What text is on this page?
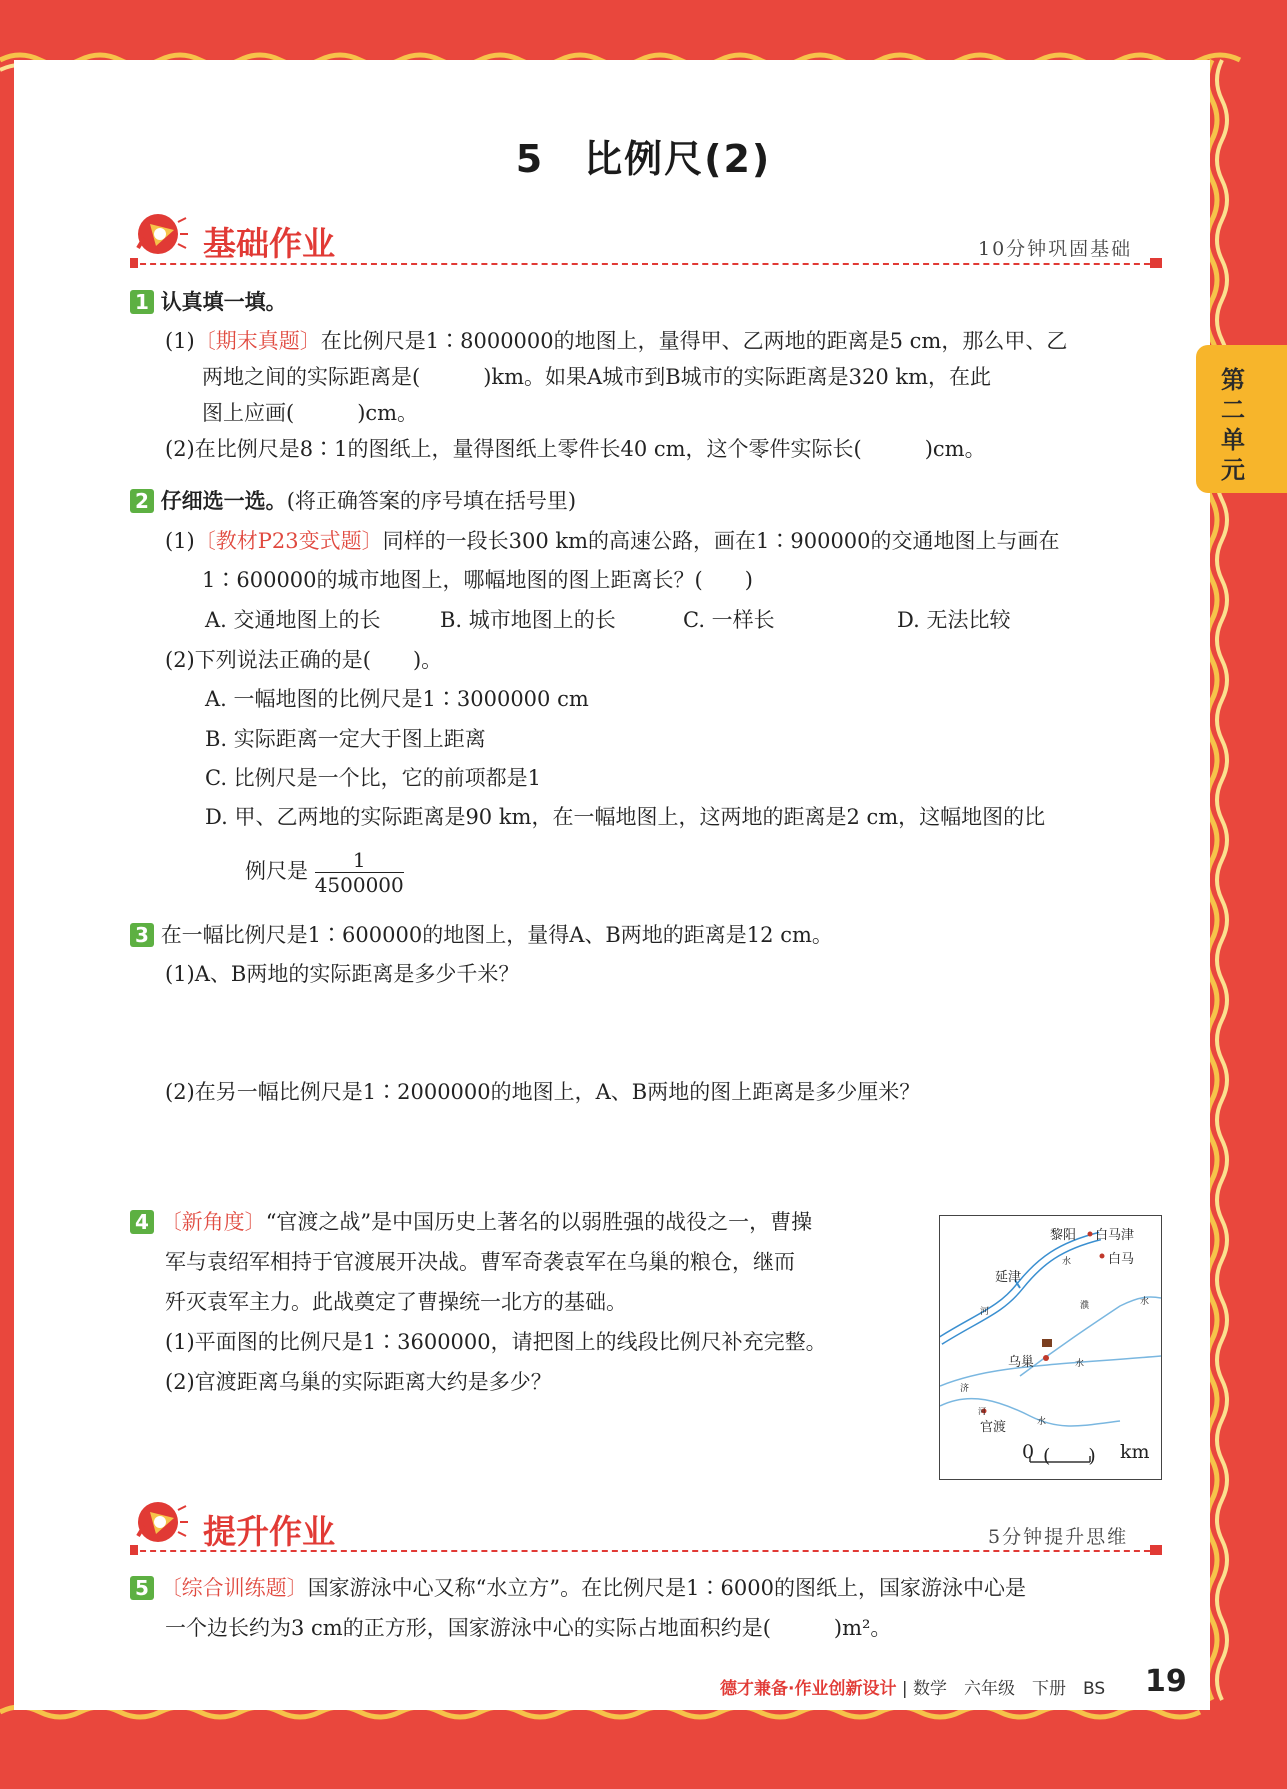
第二单元
5　比例尺(2)
基础作业	10分钟巩固基础
1 认真填一填。
(1)〔期末真题〕在比例尺是1∶8000000的地图上，量得甲、乙两地的距离是5 cm，那么甲、乙
两地之间的实际距离是(　　　)km。如果A城市到B城市的实际距离是320 km，在此
图上应画(　　　)cm。
(2)在比例尺是8∶1的图纸上，量得图纸上零件长40 cm，这个零件实际长(　　　)cm。
2 仔细选一选。(将正确答案的序号填在括号里)
(1)〔教材P23变式题〕同样的一段长300 km的高速公路，画在1∶900000的交通地图上与画在
1∶600000的城市地图上，哪幅地图的图上距离长？(　　)
A. 交通地图上的长	B. 城市地图上的长	C. 一样长	D. 无法比较
(2)下列说法正确的是(　　)。
A. 一幅地图的比例尺是1∶3000000 cm
B. 实际距离一定大于图上距离
C. 比例尺是一个比，它的前项都是1
D. 甲、乙两地的实际距离是90 km，在一幅地图上，这两地的距离是2 cm，这幅地图的比
例尺是 $\frac{1}{4500000}$
3 在一幅比例尺是1∶600000的地图上，量得A、B两地的距离是12 cm。
(1)A、B两地的实际距离是多少千米？
(2)在另一幅比例尺是1∶2000000的地图上，A、B两地的图上距离是多少厘米？
4 〔新角度〕“官渡之战”是中国历史上著名的以弱胜强的战役之一，曹操
军与袁绍军相持于官渡展开决战。曹军奇袭袁军在乌巢的粮仓，继而
歼灭袁军主力。此战奠定了曹操统一北方的基础。
(1)平面图的比例尺是1∶3600000，请把图上的线段比例尺补充完整。
(2)官渡距离乌巢的实际距离大约是多少？
黎阳 白马津
白马
延津
乌巢
官渡
河
水
濮	水
水
济
河
水
0 (　　) km
提升作业	5分钟提升思维
5 〔综合训练题〕国家游泳中心又称“水立方”。在比例尺是1∶6000的图纸上，国家游泳中心是
一个边长约为3 cm的正方形，国家游泳中心的实际占地面积约是(　　　)m²。
德才兼备·作业创新设计 | 数学　六年级　下册　BS 19
